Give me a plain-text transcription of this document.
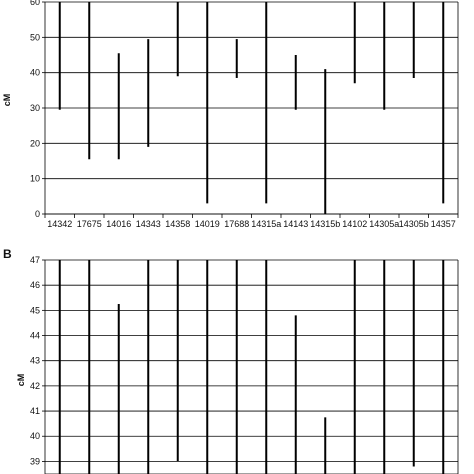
cM
0
10
20
30
40
50
60
14342 17675 14016 14343 14358 14019 17688 14315a 14143 14315b 14102 14305a 14305b 14357
B
cM
39
40
41
42
43
44
45
46
47
